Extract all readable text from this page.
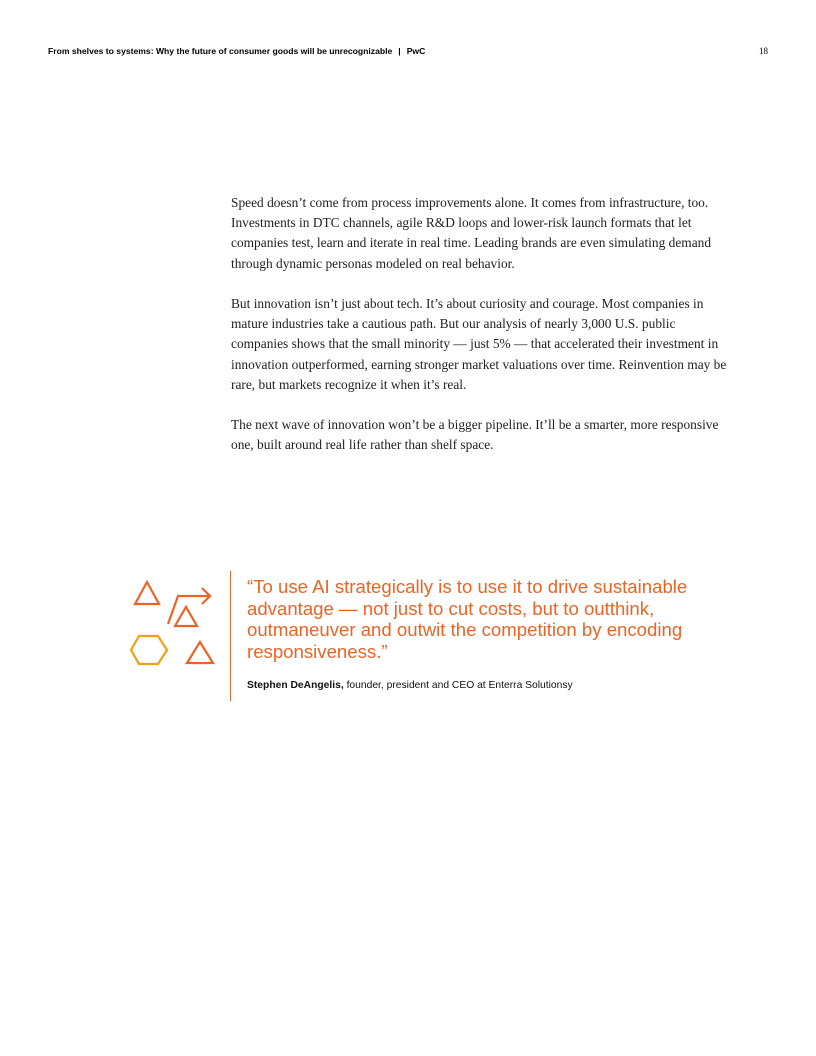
From shelves to systems: Why the future of consumer goods will be unrecognizable | PwC	18

Speed doesn’t come from process improvements alone. It comes from infrastructure, too. Investments in DTC channels, agile R&D loops and lower-risk launch formats that let companies test, learn and iterate in real time. Leading brands are even simulating demand through dynamic personas modeled on real behavior.

But innovation isn’t just about tech. It’s about curiosity and courage. Most companies in mature industries take a cautious path. But our analysis of nearly 3,000 U.S. public companies shows that the small minority — just 5% — that accelerated their investment in innovation outperformed, earning stronger market valuations over time. Reinvention may be rare, but markets recognize it when it’s real.

The next wave of innovation won’t be a bigger pipeline. It’ll be a smarter, more responsive one, built around real life rather than shelf space.

“To use AI strategically is to use it to drive sustainable advantage — not just to cut costs, but to outthink, outmaneuver and outwit the competition by encoding responsiveness.”
Stephen DeAngelis, founder, president and CEO at Enterra Solutionsy
